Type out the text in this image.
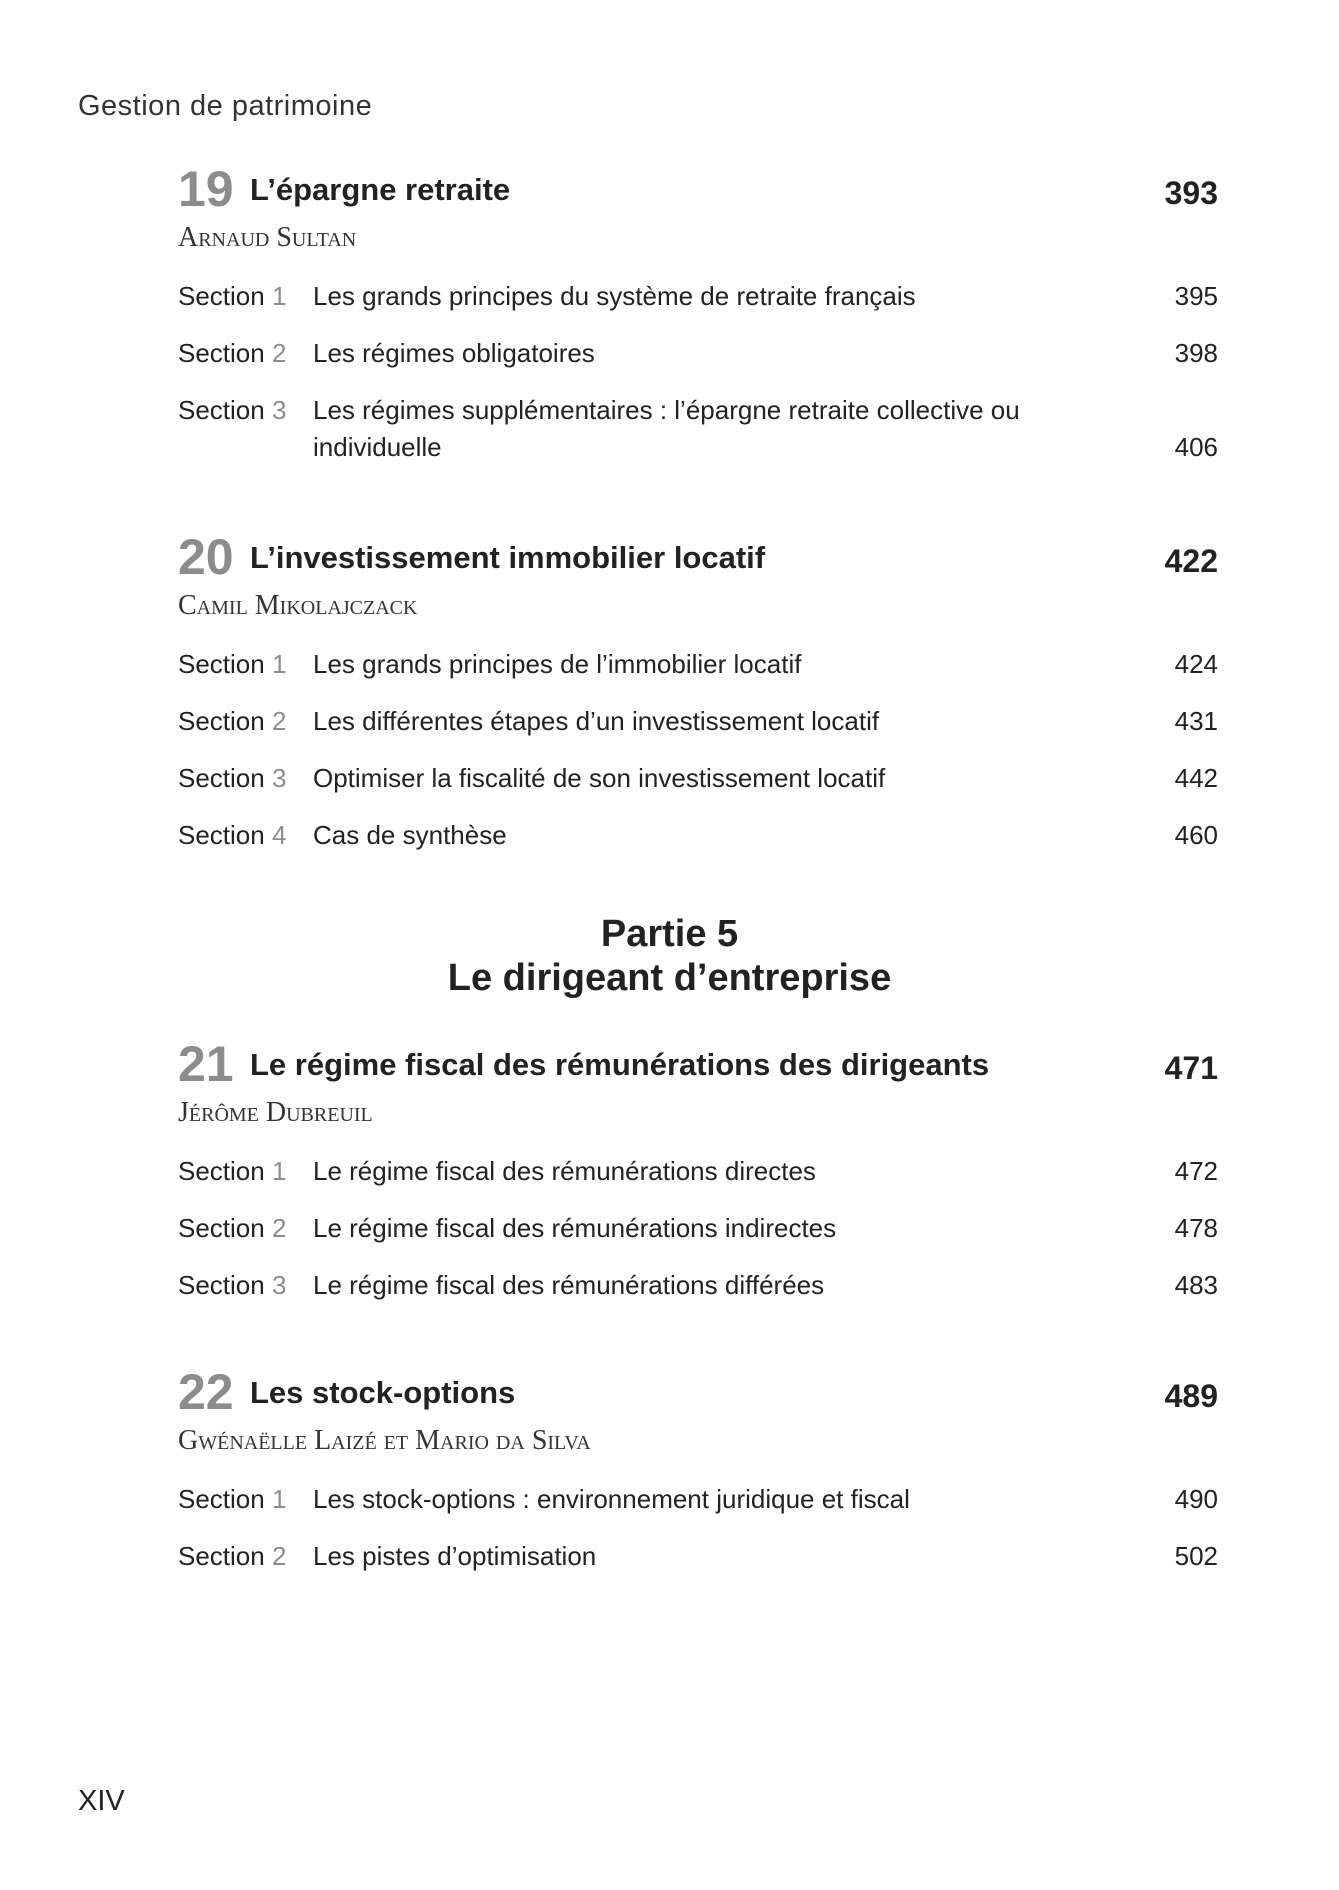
Gestion de patrimoine
19 L’épargne retraite	393
Arnaud Sultan
Section 1	Les grands principes du système de retraite français	395
Section 2	Les régimes obligatoires	398
Section 3	Les régimes supplémentaires : l’épargne retraite collective ou individuelle	406
20 L’investissement immobilier locatif	422
Camil Mikolajczack
Section 1	Les grands principes de l’immobilier locatif	424
Section 2	Les différentes étapes d’un investissement locatif	431
Section 3	Optimiser la fiscalité de son investissement locatif	442
Section 4	Cas de synthèse	460
Partie 5
Le dirigeant d’entreprise
21 Le régime fiscal des rémunérations des dirigeants	471
Jérôme Dubreuil
Section 1	Le régime fiscal des rémunérations directes	472
Section 2	Le régime fiscal des rémunérations indirectes	478
Section 3	Le régime fiscal des rémunérations différées	483
22 Les stock-options	489
Gwénaëlle Laizé et Mario da Silva
Section 1	Les stock-options : environnement juridique et fiscal	490
Section 2	Les pistes d’optimisation	502
XIV
